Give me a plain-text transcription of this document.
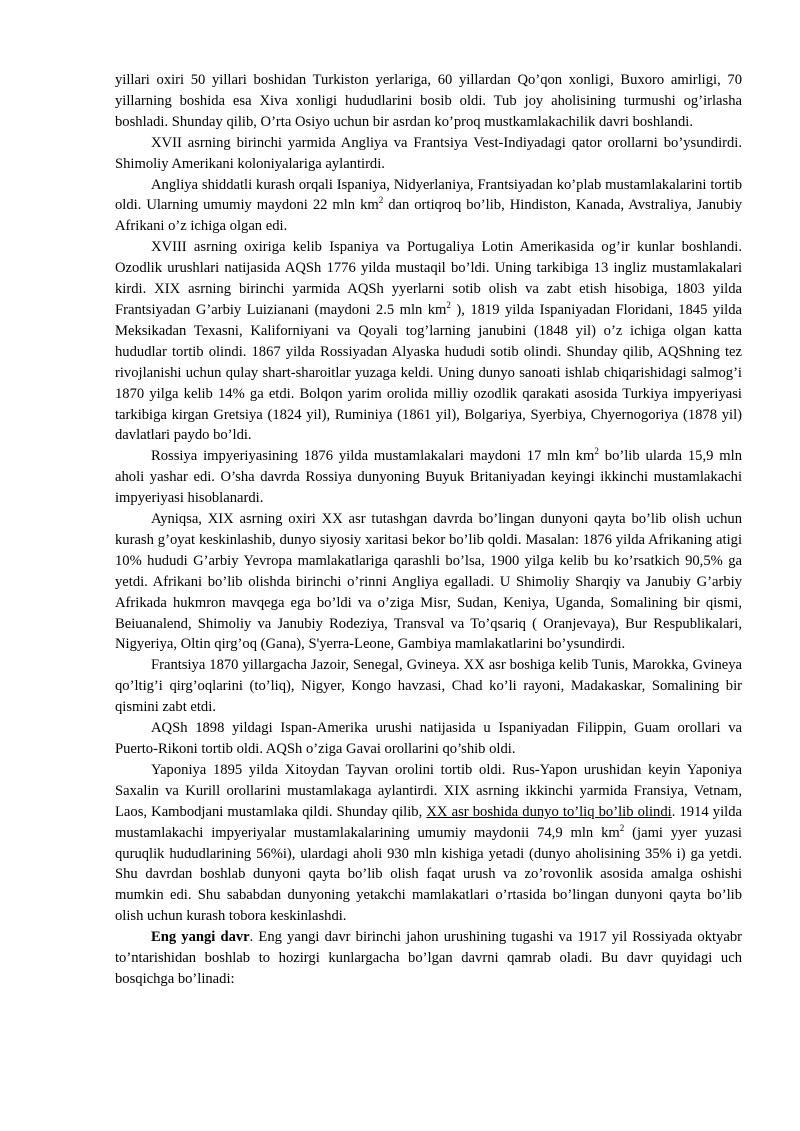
yillari oxiri 50 yillari boshidan Turkiston yerlariga, 60 yillardan Qo’qon xonligi, Buxoro amirligi, 70 yillarning boshida esa Xiva xonligi hududlarini bosib oldi. Tub joy aholisining turmushi og’irlasha boshladi. Shunday qilib, O’rta Osiyo uchun bir asrdan ko’proq mustkamlakachilik davri boshlandi.

XVII asrning birinchi yarmida Angliya va Frantsiya Vest-Indiyadagi qator orollarni bo’ysundirdi. Shimoliy Amerikani koloniyalariga aylantirdi.

Angliya shiddatli kurash orqali Ispaniya, Nidyerlaniya, Frantsiyadan ko’plab mustamlakalarini tortib oldi. Ularning umumiy maydoni 22 mln $km^2$ dan ortiqroq bo’lib, Hindiston, Kanada, Avstraliya, Janubiy Afrikani o’z ichiga olgan edi.

XVIII asrning oxiriga kelib Ispaniya va Portugaliya Lotin Amerikasida og’ir kunlar boshlandi. Ozodlik urushlari natijasida AQSh 1776 yilda mustaqil bo’ldi. Uning tarkibiga 13 ingliz mustamlakalari kirdi. XIX asrning birinchi yarmida AQSh yyerlarni sotib olish va zabt etish hisobiga, 1803 yilda Frantsiyadan G’arbiy Luizianani (maydoni 2.5 mln $km^2$ ), 1819 yilda Ispaniyadan Floridani, 1845 yilda Meksikadan Texasni, Kaliforniyani va Qoyali tog’larning janubini (1848 yil) o’z ichiga olgan katta hududlar tortib olindi. 1867 yilda Rossiyadan Alyaska hududi sotib olindi. Shunday qilib, AQShning tez rivojlanishi uchun qulay shart-sharoitlar yuzaga keldi. Uning dunyo sanoati ishlab chiqarishidagi salmog’i 1870 yilga kelib 14% ga etdi. Bolqon yarim orolida milliy ozodlik qarakati asosida Turkiya impyeriyasi tarkibiga kirgan Gretsiya (1824 yil), Ruminiya (1861 yil), Bolgariya, Syerbiya, Chyernogoriya (1878 yil) davlatlari paydo bo’ldi.

Rossiya impyeriyasining 1876 yilda mustamlakalari maydoni 17 mln $km^2$ bo’lib ularda 15,9 mln aholi yashar edi. O’sha davrda Rossiya dunyoning Buyuk Britaniyadan keyingi ikkinchi mustamlakachi impyeriyasi hisoblanardi.

Ayniqsa, XIX asrning oxiri XX asr tutashgan davrda bo’lingan dunyoni qayta bo’lib olish uchun kurash g’oyat keskinlashib, dunyo siyosiy xaritasi bekor bo’lib qoldi. Masalan: 1876 yilda Afrikaning atigi 10% hududi G’arbiy Yevropa mamlakatlariga qarashli bo’lsa, 1900 yilga kelib bu ko’rsatkich 90,5% ga yetdi. Afrikani bo’lib olishda birinchi o’rinni Angliya egalladi. U Shimoliy Sharqiy va Janubiy G’arbiy Afrikada hukmron mavqega ega bo’ldi va o’ziga Misr, Sudan, Keniya, Uganda, Somalining bir qismi, Beiuanalend, Shimoliy va Janubiy Rodeziya, Transval va To’qsariq ( Oranjevaya), Bur Respublikalari, Nigyeriya, Oltin qirg’oq (Gana), S'yerra-Leone, Gambiya mamlakatlarini bo’ysundirdi.

Frantsiya 1870 yillargacha Jazoir, Senegal, Gvineya. XX asr boshiga kelib Tunis, Marokka, Gvineya qo’ltig’i qirg’oqlarini (to’liq), Nigyer, Kongo havzasi, Chad ko’li rayoni, Madakaskar, Somalining bir qismini zabt etdi.

AQSh 1898 yildagi Ispan-Amerika urushi natijasida u Ispaniyadan Filippin, Guam orollari va Puerto-Rikoni tortib oldi. AQSh o’ziga Gavai orollarini qo’shib oldi.

Yaponiya 1895 yilda Xitoydan Tayvan orolini tortib oldi. Rus-Yapon urushidan keyin Yaponiya Saxalin va Kurill orollarini mustamlakaga aylantirdi. XIX asrning ikkinchi yarmida Fransiya, Vetnam, Laos, Kambodjani mustamlaka qildi. Shunday qilib, XX asr boshida dunyo to’liq bo’lib olindi. 1914 yilda mustamlakachi impyeriyalar mustamlakalarining umumiy maydonii 74,9 mln $km^2$ (jami yyer yuzasi quruqlik hududlarining 56%i), ulardagi aholi 930 mln kishiga yetadi (dunyo aholisining 35% i) ga yetdi. Shu davrdan boshlab dunyoni qayta bo’lib olish faqat urush va zo’rovonlik asosida amalga oshishi mumkin edi. Shu sababdan dunyoning yetakchi mamlakatlari o’rtasida bo’lingan dunyoni qayta bo’lib olish uchun kurash tobora keskinlashdi.

Eng yangi davr. Eng yangi davr birinchi jahon urushining tugashi va 1917 yil Rossiyada oktyabr to’ntarishidan boshlab to hozirgi kunlargacha bo’lgan davrni qamrab oladi. Bu davr quyidagi uch bosqichga bo’linadi:
